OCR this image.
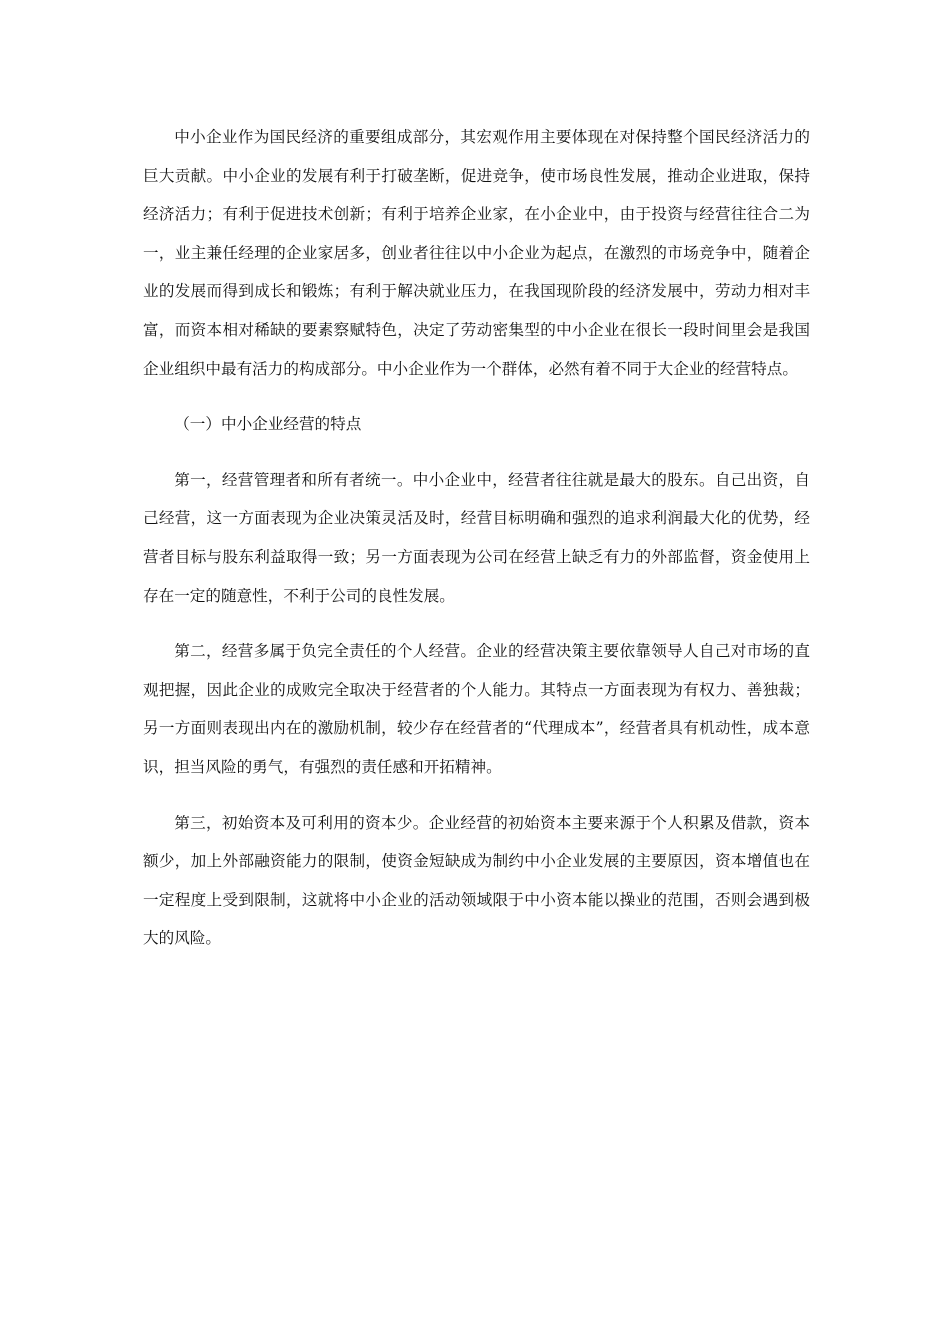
中小企业作为国民经济的重要组成部分，其宏观作用主要体现在对保持整个国民经济活力的巨大贡献。中小企业的发展有利于打破垄断，促进竞争，使市场良性发展，推动企业进取，保持经济活力；有利于促进技术创新；有利于培养企业家，在小企业中，由于投资与经营往往合二为一，业主兼任经理的企业家居多，创业者往往以中小企业为起点，在激烈的市场竞争中，随着企业的发展而得到成长和锻炼；有利于解决就业压力，在我国现阶段的经济发展中，劳动力相对丰富，而资本相对稀缺的要素察赋特色，决定了劳动密集型的中小企业在很长一段时间里会是我国企业组织中最有活力的构成部分。中小企业作为一个群体，必然有着不同于大企业的经营特点。

（一）中小企业经营的特点

第一，经营管理者和所有者统一。中小企业中，经营者往往就是最大的股东。自己出资，自己经营，这一方面表现为企业决策灵活及时，经营目标明确和强烈的追求利润最大化的优势，经营者目标与股东利益取得一致；另一方面表现为公司在经营上缺乏有力的外部监督，资金使用上存在一定的随意性，不利于公司的良性发展。

第二，经营多属于负完全责任的个人经营。企业的经营决策主要依靠领导人自己对市场的直观把握，因此企业的成败完全取决于经营者的个人能力。其特点一方面表现为有权力、善独裁；另一方面则表现出内在的激励机制，较少存在经营者的“代理成本”，经营者具有机动性，成本意识，担当风险的勇气，有强烈的责任感和开拓精神。

第三，初始资本及可利用的资本少。企业经营的初始资本主要来源于个人积累及借款，资本额少，加上外部融资能力的限制，使资金短缺成为制约中小企业发展的主要原因，资本增值也在一定程度上受到限制，这就将中小企业的活动领域限于中小资本能以操业的范围，否则会遇到极大的风险。
